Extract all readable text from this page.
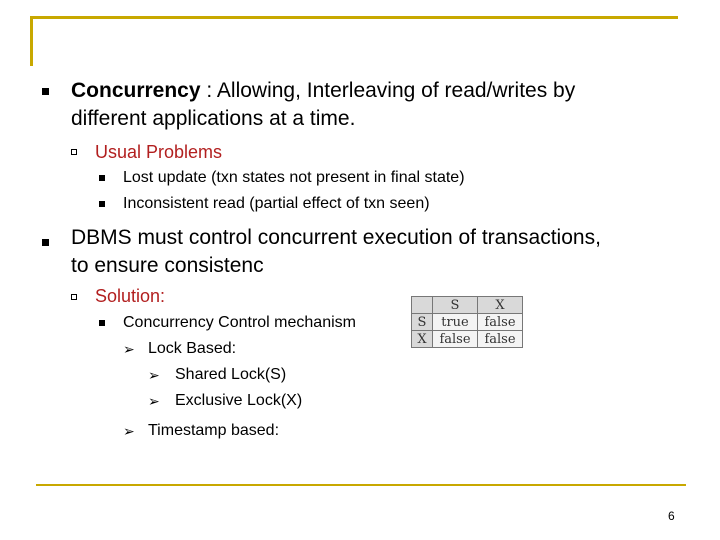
Concurrency : Allowing, Interleaving of read/writes by
different applications at a time.
Usual Problems
Lost update (txn states not present in final state)
Inconsistent read (partial effect of txn seen)
DBMS must control concurrent execution of transactions,
to ensure consistenc
Solution:
Concurrency Control mechanism
➢ Lock Based:
➢ Shared Lock(S)
➢ Exclusive Lock(X)
➢ Timestamp based:
	S	X
S	true	false
X	false	false
6
